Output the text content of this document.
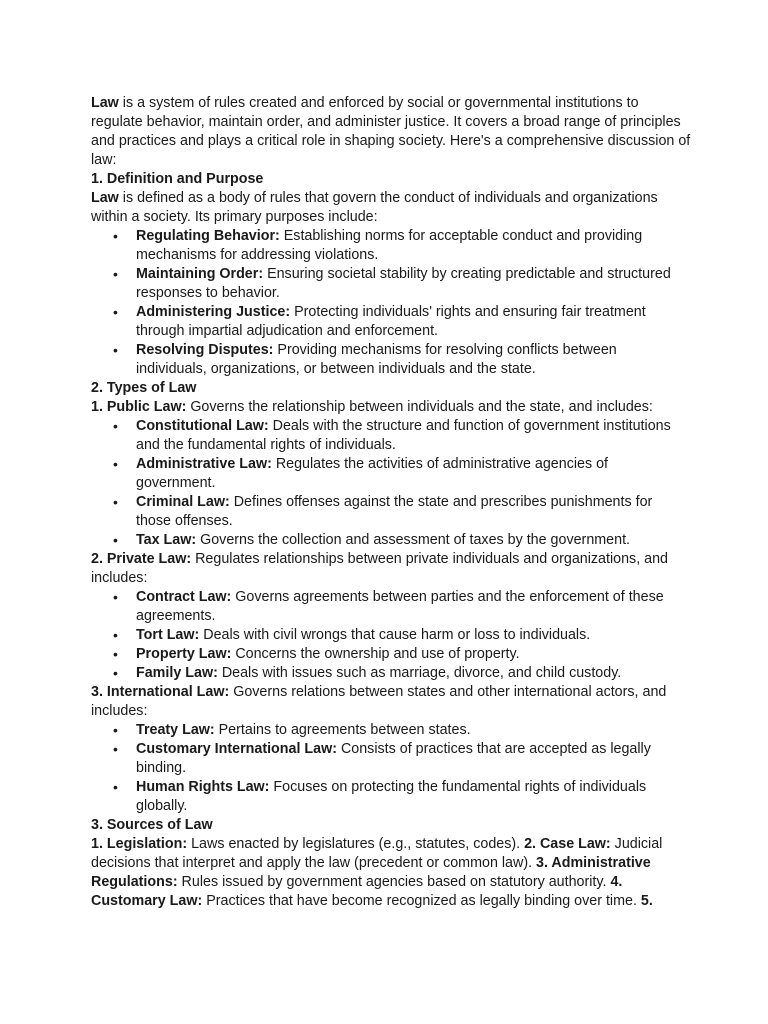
Law is a system of rules created and enforced by social or governmental institutions to regulate behavior, maintain order, and administer justice. It covers a broad range of principles and practices and plays a critical role in shaping society. Here's a comprehensive discussion of law:

1. Definition and Purpose

Law is defined as a body of rules that govern the conduct of individuals and organizations within a society. Its primary purposes include:

• Regulating Behavior: Establishing norms for acceptable conduct and providing mechanisms for addressing violations.
• Maintaining Order: Ensuring societal stability by creating predictable and structured responses to behavior.
• Administering Justice: Protecting individuals' rights and ensuring fair treatment through impartial adjudication and enforcement.
• Resolving Disputes: Providing mechanisms for resolving conflicts between individuals, organizations, or between individuals and the state.

2. Types of Law

1. Public Law: Governs the relationship between individuals and the state, and includes:

• Constitutional Law: Deals with the structure and function of government institutions and the fundamental rights of individuals.
• Administrative Law: Regulates the activities of administrative agencies of government.
• Criminal Law: Defines offenses against the state and prescribes punishments for those offenses.
• Tax Law: Governs the collection and assessment of taxes by the government.

2. Private Law: Regulates relationships between private individuals and organizations, and includes:

• Contract Law: Governs agreements between parties and the enforcement of these agreements.
• Tort Law: Deals with civil wrongs that cause harm or loss to individuals.
• Property Law: Concerns the ownership and use of property.
• Family Law: Deals with issues such as marriage, divorce, and child custody.

3. International Law: Governs relations between states and other international actors, and includes:

• Treaty Law: Pertains to agreements between states.
• Customary International Law: Consists of practices that are accepted as legally binding.
• Human Rights Law: Focuses on protecting the fundamental rights of individuals globally.

3. Sources of Law

1. Legislation: Laws enacted by legislatures (e.g., statutes, codes). 2. Case Law: Judicial decisions that interpret and apply the law (precedent or common law). 3. Administrative Regulations: Rules issued by government agencies based on statutory authority. 4. Customary Law: Practices that have become recognized as legally binding over time. 5.
